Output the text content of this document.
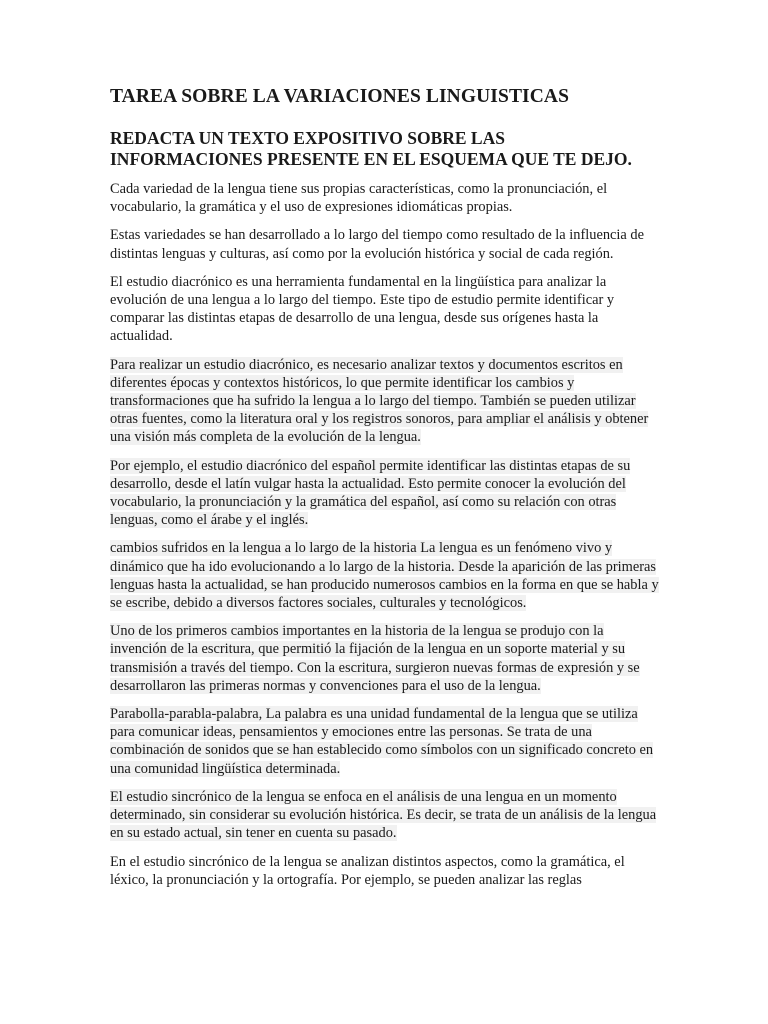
TAREA SOBRE LA VARIACIONES LINGUISTICAS
REDACTA UN TEXTO EXPOSITIVO SOBRE LAS INFORMACIONES PRESENTE EN EL ESQUEMA QUE TE DEJO.

Cada variedad de la lengua tiene sus propias características, como la pronunciación, el vocabulario, la gramática y el uso de expresiones idiomáticas propias.

Estas variedades se han desarrollado a lo largo del tiempo como resultado de la influencia de distintas lenguas y culturas, así como por la evolución histórica y social de cada región.

El estudio diacrónico es una herramienta fundamental en la lingüística para analizar la evolución de una lengua a lo largo del tiempo. Este tipo de estudio permite identificar y comparar las distintas etapas de desarrollo de una lengua, desde sus orígenes hasta la actualidad.

Para realizar un estudio diacrónico, es necesario analizar textos y documentos escritos en diferentes épocas y contextos históricos, lo que permite identificar los cambios y transformaciones que ha sufrido la lengua a lo largo del tiempo. También se pueden utilizar otras fuentes, como la literatura oral y los registros sonoros, para ampliar el análisis y obtener una visión más completa de la evolución de la lengua.

Por ejemplo, el estudio diacrónico del español permite identificar las distintas etapas de su desarrollo, desde el latín vulgar hasta la actualidad. Esto permite conocer la evolución del vocabulario, la pronunciación y la gramática del español, así como su relación con otras lenguas, como el árabe y el inglés.

cambios sufridos en la lengua a lo largo de la historia La lengua es un fenómeno vivo y dinámico que ha ido evolucionando a lo largo de la historia. Desde la aparición de las primeras lenguas hasta la actualidad, se han producido numerosos cambios en la forma en que se habla y se escribe, debido a diversos factores sociales, culturales y tecnológicos.

Uno de los primeros cambios importantes en la historia de la lengua se produjo con la invención de la escritura, que permitió la fijación de la lengua en un soporte material y su transmisión a través del tiempo. Con la escritura, surgieron nuevas formas de expresión y se desarrollaron las primeras normas y convenciones para el uso de la lengua.

Parabolla-parabla-palabra, La palabra es una unidad fundamental de la lengua que se utiliza para comunicar ideas, pensamientos y emociones entre las personas. Se trata de una combinación de sonidos que se han establecido como símbolos con un significado concreto en una comunidad lingüística determinada.

El estudio sincrónico de la lengua se enfoca en el análisis de una lengua en un momento determinado, sin considerar su evolución histórica. Es decir, se trata de un análisis de la lengua en su estado actual, sin tener en cuenta su pasado.

En el estudio sincrónico de la lengua se analizan distintos aspectos, como la gramática, el léxico, la pronunciación y la ortografía. Por ejemplo, se pueden analizar las reglas
